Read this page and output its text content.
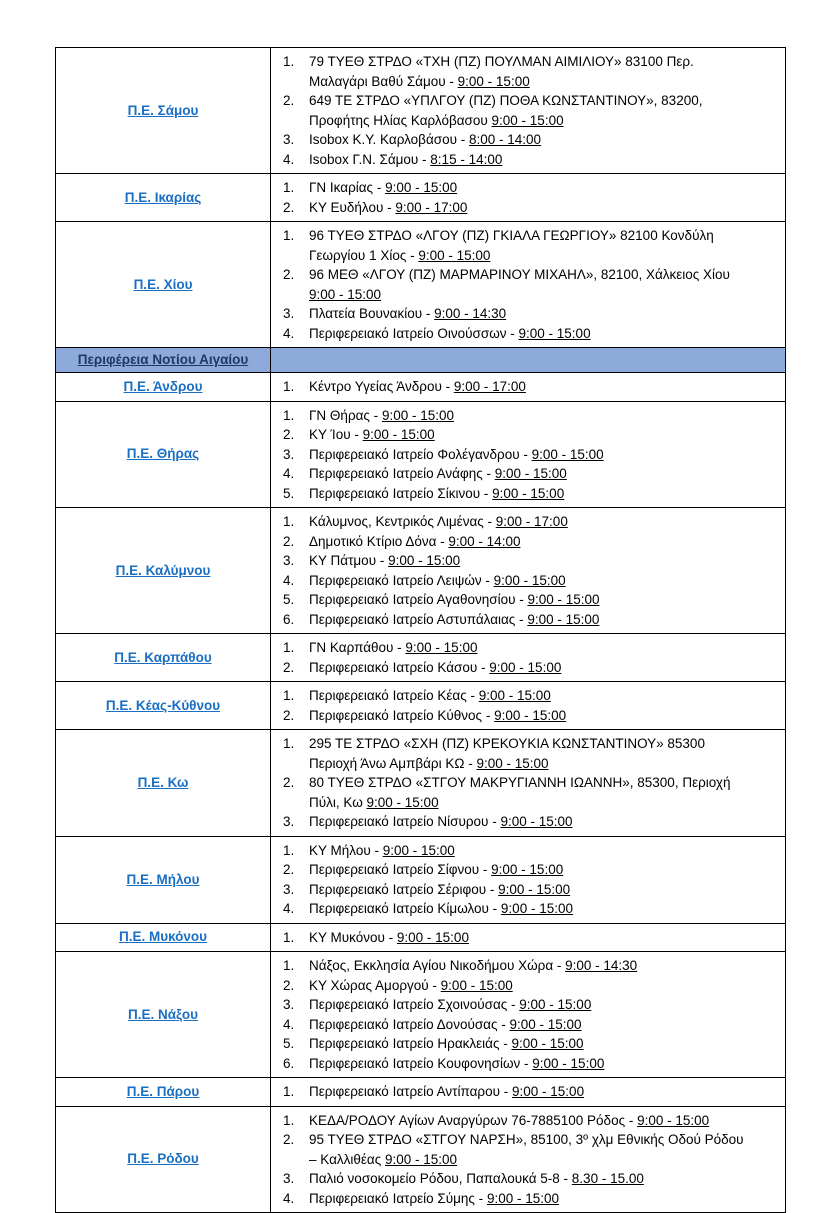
Π.Ε. Σάμου	
79 ΤΥΕΘ ΣΤΡΔΟ «ΤΧΗ (ΠΖ) ΠΟΥΛΜΑΝ ΑΙΜΙΛΙΟΥ» 83100 Περ. Μαλαγάρι Βαθύ Σάμου - 9:00 - 15:00
649 ΤΕ ΣΤΡΔΟ «ΥΠΛΓΟΥ (ΠΖ) ΠΟΘΑ ΚΩΝΣΤΑΝΤΙΝΟΥ», 83200, Προφήτης Ηλίας Καρλόβασου 9:00 - 15:00
Isobox Κ.Υ. Καρλοβάσου - 8:00 - 14:00
Isobox Γ.Ν. Σάμου - 8:15 - 14:00

Π.Ε. Ικαρίας	
ΓΝ Ικαρίας - 9:00 - 15:00
ΚΥ Ευδήλου - 9:00 - 17:00

Π.Ε. Χίου	
96 ΤΥΕΘ ΣΤΡΔΟ «ΛΓΟΥ (ΠΖ) ΓΚΙΑΛΑ ΓΕΩΡΓΙΟΥ» 82100 Κονδύλη Γεωργίου 1 Χίος - 9:00 - 15:00
96 ΜΕΘ «ΛΓΟΥ (ΠΖ) ΜΑΡΜΑΡΙΝΟΥ ΜΙΧΑΗΛ», 82100, Χάλκειος Χίου 9:00 - 15:00
Πλατεία Βουνακίου - 9:00 - 14:30
Περιφερειακό Ιατρείο Οινούσσων - 9:00 - 15:00

Περιφέρεια Νοτίου Αιγαίου	
Π.Ε. Άνδρου	Κέντρο Υγείας Άνδρου - 9:00 - 17:00

Π.Ε. Θήρας	
ΓΝ Θήρας - 9:00 - 15:00
ΚΥ Ίου - 9:00 - 15:00
Περιφερειακό Ιατρείο Φολέγανδρου - 9:00 - 15:00
Περιφερειακό Ιατρείο Ανάφης - 9:00 - 15:00
Περιφερειακό Ιατρείο Σίκινου - 9:00 - 15:00

Π.Ε. Καλύμνου	
Κάλυμνος, Κεντρικός Λιμένας - 9:00 - 17:00
Δημοτικό Κτίριο Δόνα - 9:00 - 14:00
ΚΥ Πάτμου - 9:00 - 15:00
Περιφερειακό Ιατρείο Λειψών - 9:00 - 15:00
Περιφερειακό Ιατρείο Αγαθονησίου - 9:00 - 15:00
Περιφερειακό Ιατρείο Αστυπάλαιας - 9:00 - 15:00

Π.Ε. Καρπάθου	
ΓΝ Καρπάθου - 9:00 - 15:00
Περιφερειακό Ιατρείο Κάσου - 9:00 - 15:00

Π.Ε. Κέας-Κύθνου	
Περιφερειακό Ιατρείο Κέας - 9:00 - 15:00
Περιφερειακό Ιατρείο Κύθνος - 9:00 - 15:00

Π.Ε. Κω	
295 ΤΕ ΣΤΡΔΟ «ΣΧΗ (ΠΖ) ΚΡΕΚΟΥΚΙΑ ΚΩΝΣΤΑΝΤΙΝΟΥ» 85300 Περιοχή Άνω Αμπβάρι ΚΩ - 9:00 - 15:00
80 ΤΥΕΘ ΣΤΡΔΟ «ΣΤΓΟΥ ΜΑΚΡΥΓΙΑΝΝΗ ΙΩΑΝΝΗ», 85300, Περιοχή Πύλι, Κω 9:00 - 15:00
Περιφερειακό Ιατρείο Νίσυρου - 9:00 - 15:00

Π.Ε. Μήλου	
ΚΥ Μήλου - 9:00 - 15:00
Περιφερειακό Ιατρείο Σίφνου - 9:00 - 15:00
Περιφερειακό Ιατρείο Σέριφου - 9:00 - 15:00
Περιφερειακό Ιατρείο Κίμωλου - 9:00 - 15:00

Π.Ε. Μυκόνου	ΚΥ Μυκόνου - 9:00 - 15:00

Π.Ε. Νάξου	
Νάξος, Εκκλησία Αγίου Νικοδήμου Χώρα - 9:00 - 14:30
ΚΥ Χώρας Αμοργού - 9:00 - 15:00
Περιφερειακό Ιατρείο Σχοινούσας - 9:00 - 15:00
Περιφερειακό Ιατρείο Δονούσας - 9:00 - 15:00
Περιφερειακό Ιατρείο Ηρακλειάς - 9:00 - 15:00
Περιφερειακό Ιατρείο Κουφονησίων - 9:00 - 15:00

Π.Ε. Πάρου	Περιφερειακό Ιατρείο Αντίπαρου - 9:00 - 15:00

Π.Ε. Ρόδου	
ΚΕΔΑ/ΡΟΔΟΥ Αγίων Αναργύρων 76-7885100 Ρόδος - 9:00 - 15:00
95 ΤΥΕΘ ΣΤΡΔΟ «ΣΤΓΟΥ ΝΑΡΣΗ», 85100, 3º χλμ Εθνικής Οδού Ρόδου – Καλλιθέας 9:00 - 15:00
Παλιό νοσοκομείο Ρόδου, Παπαλουκά 5-8 - 8.30 - 15.00
Περιφερειακό Ιατρείο Σύμης - 9:00 - 15:00
